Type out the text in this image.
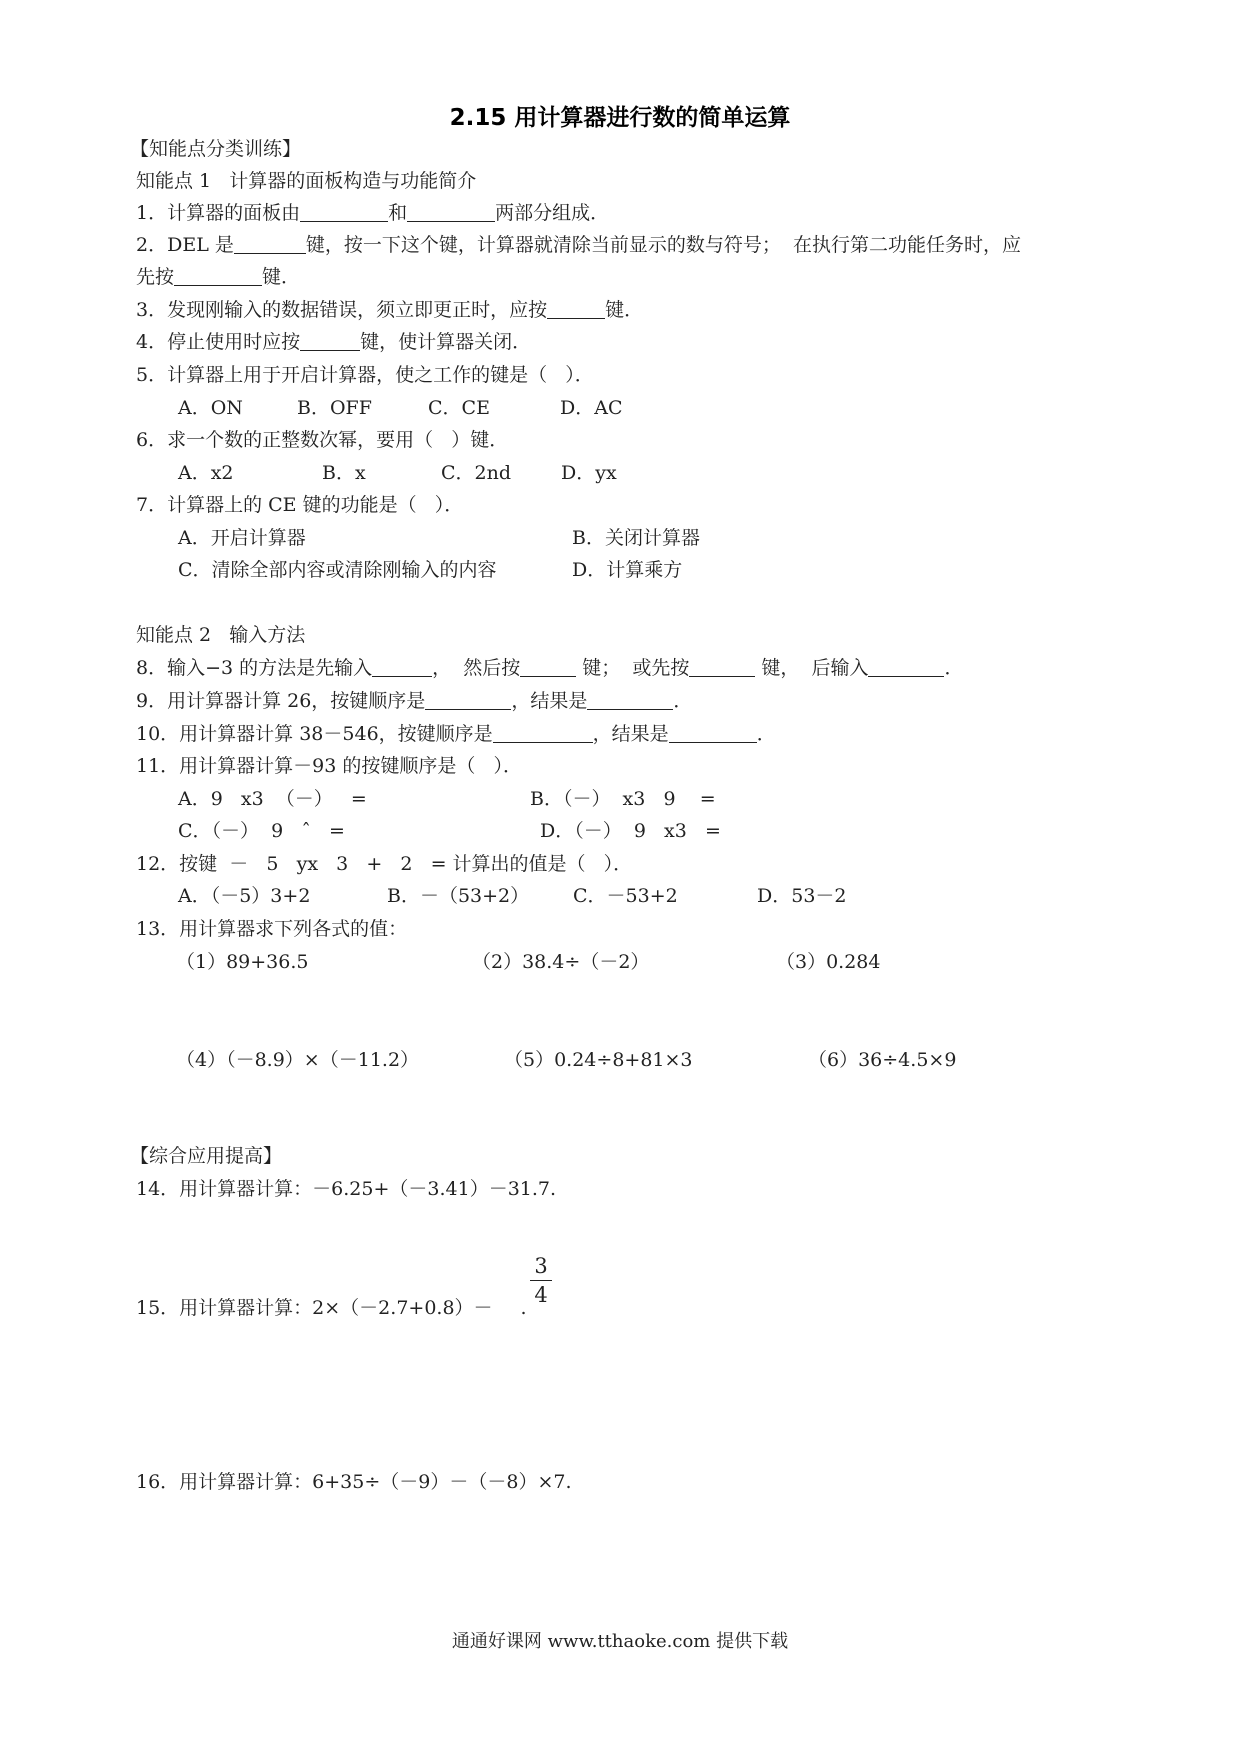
2.15 用计算器进行数的简单运算
【知能点分类训练】
知能点 1   计算器的面板构造与功能简介
1．计算器的面板由	和	两部分组成．
2．DEL 是	键，按一下这个键，计算器就清除当前显示的数与符号；  在执行第二功能任务时，应
先按	键．
3．发现刚输入的数据错误，须立即更正时，应按	键．
4．停止使用时应按	键，使计算器关闭．
5．计算器上用于开启计算器，使之工作的键是（   ）．
A．ON	B．OFF	C．CE	D．AC
6．求一个数的正整数次幂，要用（   ）键．
A．x2	B．x	C．2nd	D．yx
7．计算器上的 CE 键的功能是（   ）．
A．开启计算器	B．关闭计算器
C．清除全部内容或清除刚输入的内容	D．计算乘方
知能点 2   输入方法
8．输入−3 的方法是先输入	，  然后按	键；  或先按	键，  后输入	．
9．用计算器计算 26，按键顺序是	，结果是	．
10．用计算器计算 38－546，按键顺序是	，结果是	．
11．用计算器计算－93 的按键顺序是（   ）．
A．9   x3  （－）   =	B．（－）  x3   9    =
C．（－）  9   ˆ   =	D．（－）  9   x3   =
12．按键  －   5   yx   3   +   2   = 计算出的值是（   ）．
A．（－5）3+2	B．－（53+2） C．－53+2	D．53－2
13．用计算器求下列各式的值：
（1）89+36.5	（2）38.4÷（－2）	（3）0.284
（4）（－8.9）×（－11.2）	（5）0.24÷8+81×3	（6）36÷4.5×9
【综合应用提高】
14．用计算器计算：－6.25+（－3.41）－31.7.
15．用计算器计算：2×（－2.7+0.8）－ .
3
4
16．用计算器计算：6+35÷（－9）－（－8）×7.
通通好课网 www.tthaoke.com 提供下载
